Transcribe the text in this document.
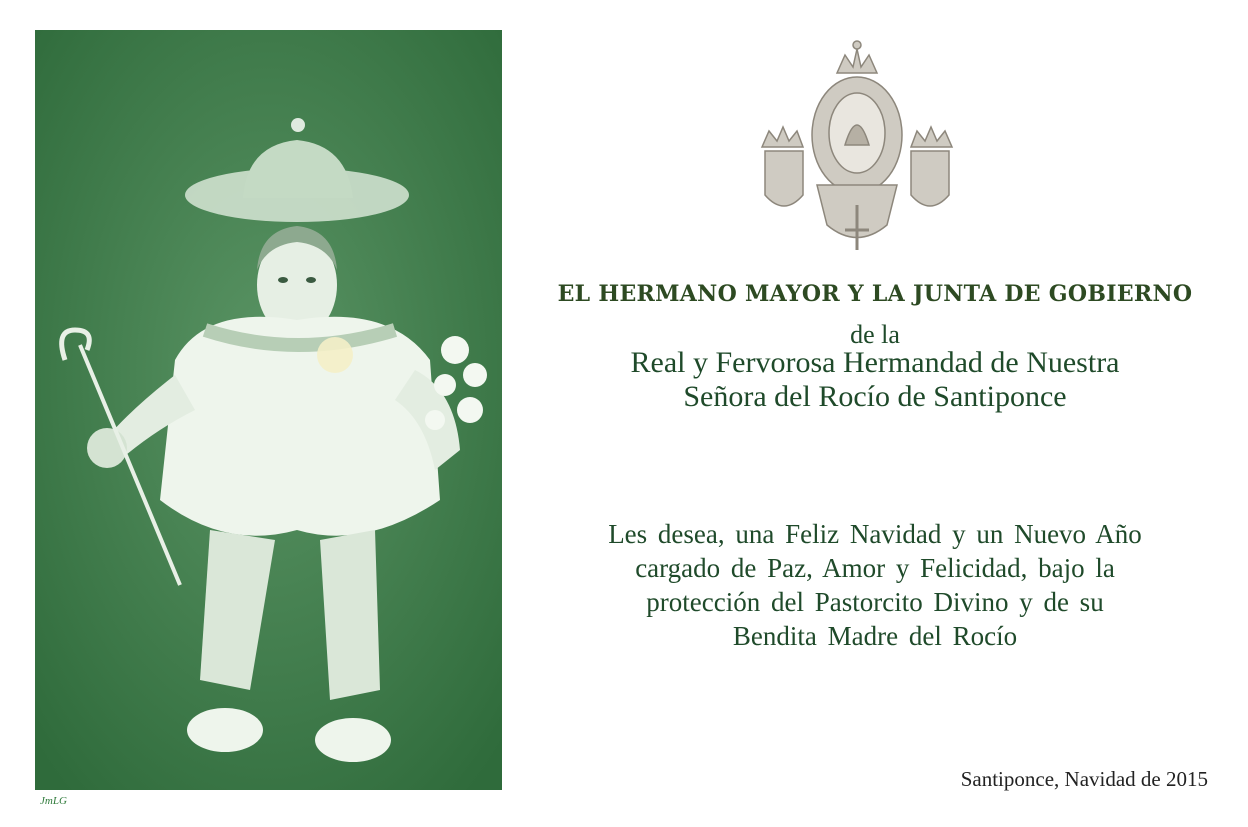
JmLG
EL HERMANO MAYOR Y LA JUNTA DE GOBIERNO
de la
Real y Fervorosa Hermandad de Nuestra
Señora del Rocío de Santiponce
Les desea, una Feliz Navidad y un Nuevo Año
cargado de Paz, Amor y Felicidad, bajo la
protección del Pastorcito Divino y de su
Bendita Madre del Rocío
Santiponce, Navidad de 2015
